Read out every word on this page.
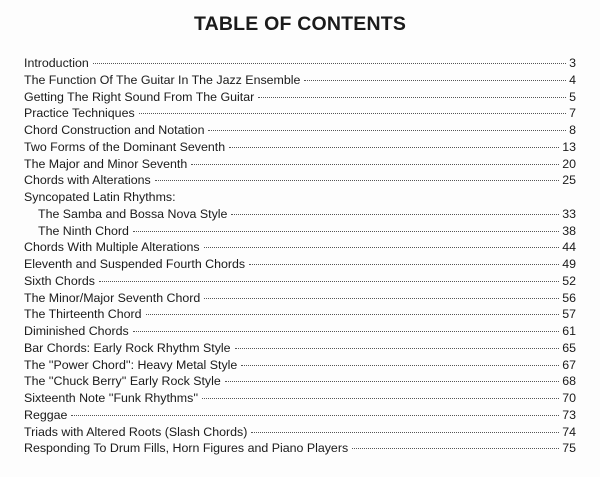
TABLE OF CONTENTS
Introduction	3
The Function Of The Guitar In The Jazz Ensemble	4
Getting The Right Sound From The Guitar	5
Practice Techniques	7
Chord Construction and Notation	8
Two Forms of the Dominant Seventh	13
The Major and Minor Seventh	20
Chords with Alterations	25
Syncopated Latin Rhythms:
The Samba and Bossa Nova Style	33
The Ninth Chord	38
Chords With Multiple Alterations	44
Eleventh and Suspended Fourth Chords	49
Sixth Chords	52
The Minor/Major Seventh Chord	56
The Thirteenth Chord	57
Diminished Chords	61
Bar Chords: Early Rock Rhythm Style	65
The ''Power Chord'': Heavy Metal Style	67
The ''Chuck Berry'' Early Rock Style	68
Sixteenth Note ''Funk Rhythms''	70
Reggae	73
Triads with Altered Roots (Slash Chords)	74
Responding To Drum Fills, Horn Figures and Piano Players	75
